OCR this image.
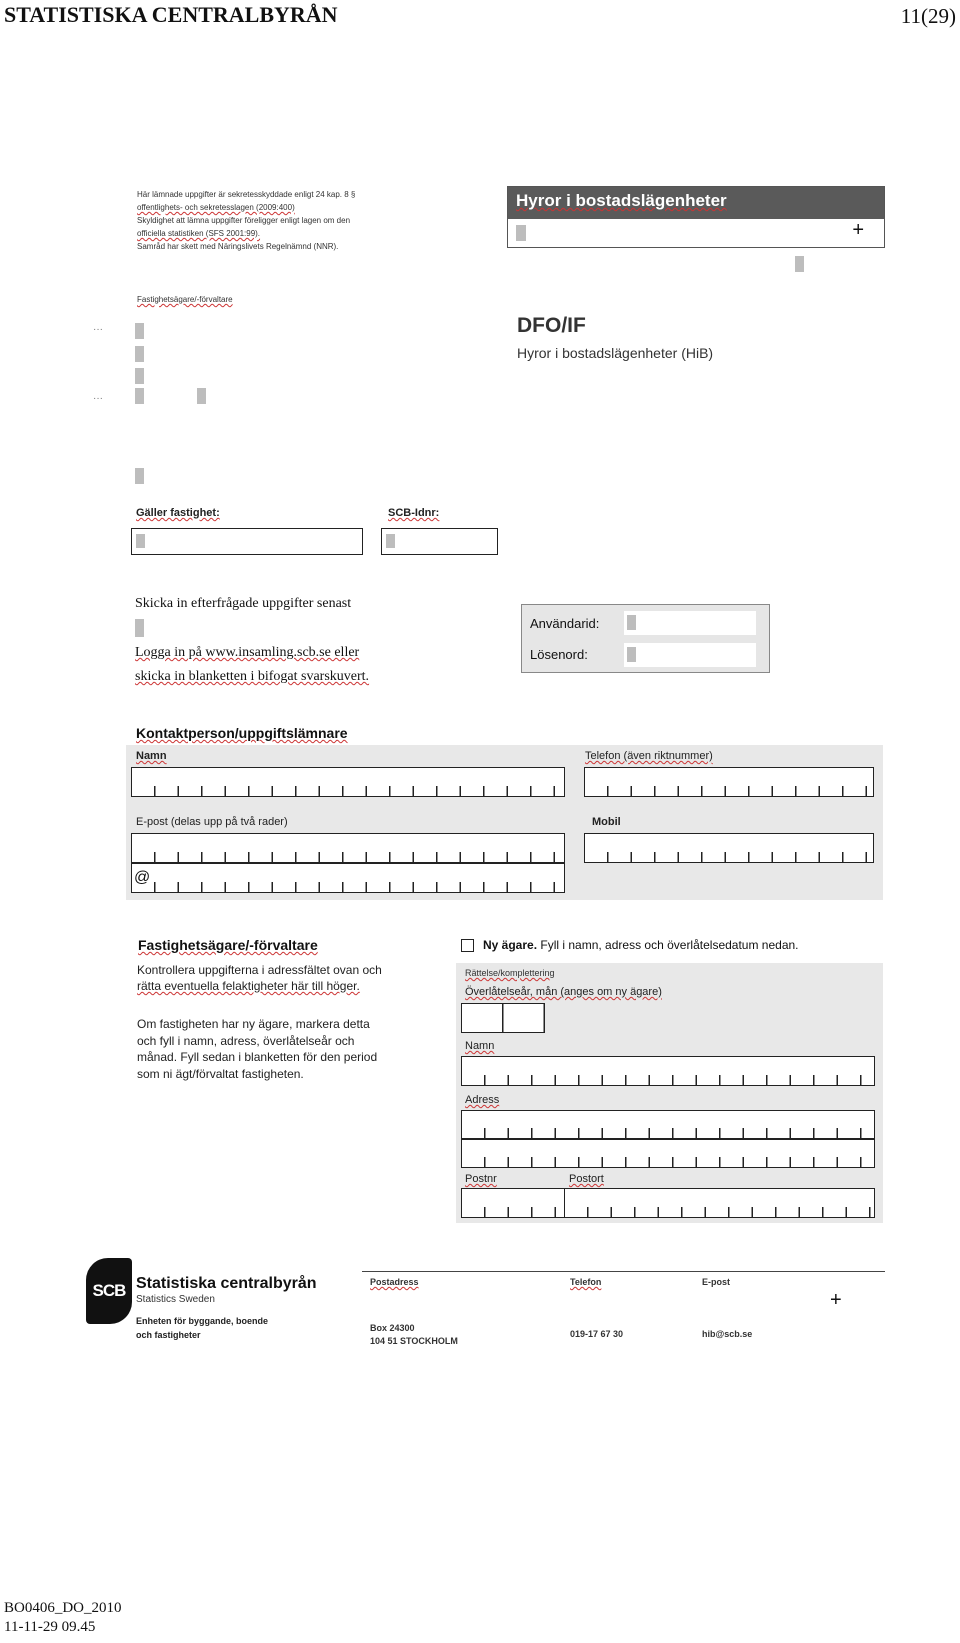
STATISTISKA CENTRALBYRÅN	11(29)
Här lämnade uppgifter är sekretesskyddade enligt 24 kap. 8 §
offentlighets- och sekretesslagen (2009:400)
Skyldighet att lämna uppgifter föreligger enligt lagen om den
officiella statistiken (SFS 2001:99).
Samråd har skett med Näringslivets Regelnämnd (NNR).
Hyror i bostadslägenheter
+
Fastighetsägare/-förvaltare
···
···
DFO/IF
Hyror i bostadslägenheter (HiB)
Gäller fastighet:	SCB-Idnr:
Skicka in efterfrågade uppgifter senast
Logga in på www.insamling.scb.se eller
skicka in blanketten i bifogat svarskuvert.
Användarid:
Lösenord:
Kontaktperson/uppgiftslämnare
Namn	Telefon (även riktnummer)
E-post (delas upp på två rader)
@
Mobil
Fastighetsägare/-förvaltare
Kontrollera uppgifterna i adressfältet ovan och
rätta eventuella felaktigheter här till höger.
Om fastigheten har ny ägare, markera detta
och fyll i namn, adress, överlåtelseår och
månad. Fyll sedan i blanketten för den period
som ni ägt/förvaltat fastigheten.
Ny ägare. Fyll i namn, adress och överlåtelsedatum nedan.
Rättelse/komplettering
Överlåtelseår, mån (anges om ny ägare)
Namn
Adress
Postnr	Postort
SCB Statistiska centralbyrån
Statistics Sweden
Enheten för byggande, boende
och fastigheter
Postadress
Box 24300
104 51 STOCKHOLM
Telefon
019-17 67 30
E-post
hib@scb.se
+
BO0406_DO_2010
11-11-29 09.45
